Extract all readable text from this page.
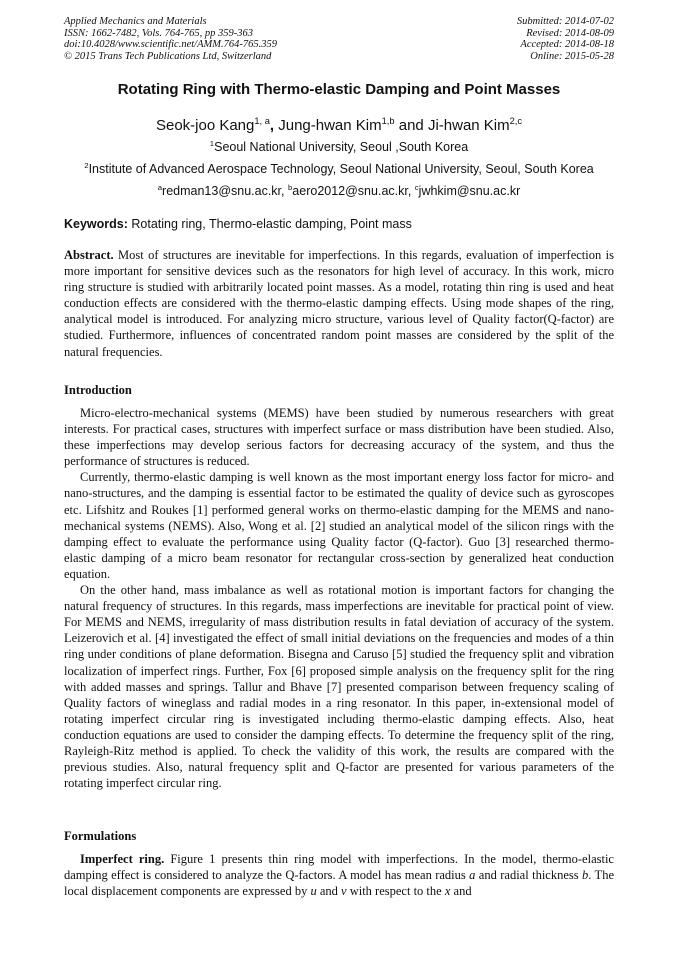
Applied Mechanics and Materials
ISSN: 1662-7482, Vols. 764-765, pp 359-363
doi:10.4028/www.scientific.net/AMM.764-765.359
© 2015 Trans Tech Publications Ltd, Switzerland
Submitted: 2014-07-02
Revised: 2014-08-09
Accepted: 2014-08-18
Online: 2015-05-28
Rotating Ring with Thermo-elastic Damping and Point Masses
Seok-joo Kang$^{1, a}$, Jung-hwan Kim$^{1,b}$ and Ji-hwan Kim$^{2,c}$
$^1$Seoul National University, Seoul ,South Korea
$^2$Institute of Advanced Aerospace Technology, Seoul National University, Seoul, South Korea
$^a$redman13@snu.ac.kr, $^b$aero2012@snu.ac.kr, $^c$jwhkim@snu.ac.kr
Keywords: Rotating ring, Thermo-elastic damping, Point mass

Abstract. Most of structures are inevitable for imperfections. In this regards, evaluation of imperfection is more important for sensitive devices such as the resonators for high level of accuracy. In this work, micro ring structure is studied with arbitrarily located point masses. As a model, rotating thin ring is used and heat conduction effects are considered with the thermo-elastic damping effects. Using mode shapes of the ring, analytical model is introduced. For analyzing micro structure, various level of Quality factor(Q-factor) are studied. Furthermore, influences of concentrated random point masses are considered by the split of the natural frequencies.

Introduction

Micro-electro-mechanical systems (MEMS) have been studied by numerous researchers with great interests. For practical cases, structures with imperfect surface or mass distribution have been studied. Also, these imperfections may develop serious factors for decreasing accuracy of the system, and thus the performance of structures is reduced.

Currently, thermo-elastic damping is well known as the most important energy loss factor for micro- and nano-structures, and the damping is essential factor to be estimated the quality of device such as gyroscopes etc. Lifshitz and Roukes [1] performed general works on thermo-elastic damping for the MEMS and nano-mechanical systems (NEMS). Also, Wong et al. [2] studied an analytical model of the silicon rings with the damping effect to evaluate the performance using Quality factor (Q-factor). Guo [3] researched thermo-elastic damping of a micro beam resonator for rectangular cross-section by generalized heat conduction equation.

On the other hand, mass imbalance as well as rotational motion is important factors for changing the natural frequency of structures. In this regards, mass imperfections are inevitable for practical point of view. For MEMS and NEMS, irregularity of mass distribution results in fatal deviation of accuracy of the system. Leizerovich et al. [4] investigated the effect of small initial deviations on the frequencies and modes of a thin ring under conditions of plane deformation. Bisegna and Caruso [5] studied the frequency split and vibration localization of imperfect rings. Further, Fox [6] proposed simple analysis on the frequency split for the ring with added masses and springs. Tallur and Bhave [7] presented comparison between frequency scaling of Quality factors of wineglass and radial modes in a ring resonator. In this paper, in-extensional model of rotating imperfect circular ring is investigated including thermo-elastic damping effects. Also, heat conduction equations are used to consider the damping effects. To determine the frequency split of the ring, Rayleigh-Ritz method is applied. To check the validity of this work, the results are compared with the previous studies. Also, natural frequency split and Q-factor are presented for various parameters of the rotating imperfect circular ring.

Formulations

Imperfect ring. Figure 1 presents thin ring model with imperfections. In the model, thermo-elastic damping effect is considered to analyze the Q-factors. A model has mean radius a and radial thickness b. The local displacement components are expressed by u and v with respect to the x and
